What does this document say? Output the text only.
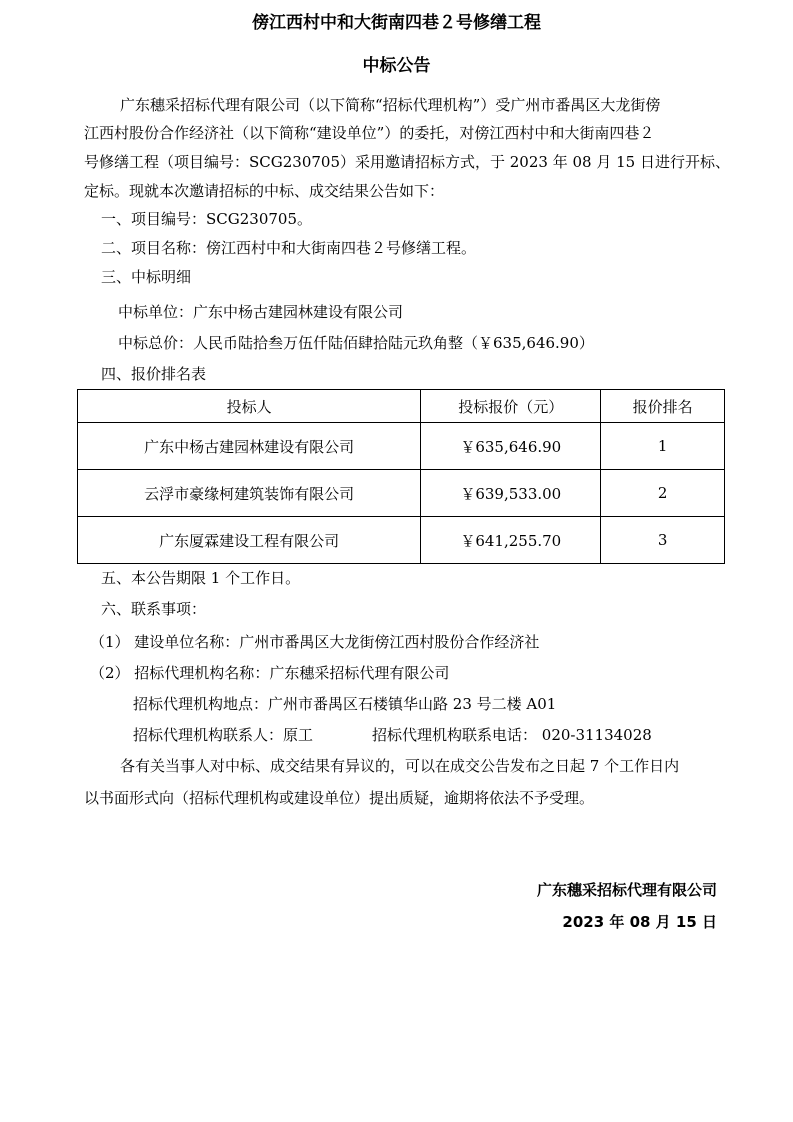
傍江西村中和大街南四巷２号修缮工程
中标公告
广东穗采招标代理有限公司（以下简称“招标代理机构”）受广州市番禺区大龙街傍
江西村股份合作经济社（以下简称“建设单位”）的委托，对傍江西村中和大街南四巷２
号修缮工程（项目编号：SCG230705）采用邀请招标方式，于 2023 年 08 月 15 日进行开标、
定标。现就本次邀请招标的中标、成交结果公告如下：
一、项目编号：SCG230705。
二、项目名称：傍江西村中和大街南四巷２号修缮工程。
三、中标明细
中标单位：广东中杨古建园林建设有限公司
中标总价：人民币陆拾叁万伍仟陆佰肆拾陆元玖角整（￥635,646.90）
四、报价排名表
投标人	投标报价（元）	报价排名
广东中杨古建园林建设有限公司	￥635,646.90	1
云浮市豪缘柯建筑装饰有限公司	￥639,533.00	2
广东厦霖建设工程有限公司	￥641,255.70	3
五、本公告期限 1 个工作日。
六、联系事项：
（1） 建设单位名称：广州市番禺区大龙街傍江西村股份合作经济社
（2） 招标代理机构名称：广东穗采招标代理有限公司
招标代理机构地点：广州市番禺区石楼镇华山路 23 号二楼 A01
招标代理机构联系人：原工	招标代理机构联系电话： 020-31134028
各有关当事人对中标、成交结果有异议的，可以在成交公告发布之日起 7 个工作日内
以书面形式向（招标代理机构或建设单位）提出质疑，逾期将依法不予受理。
广东穗采招标代理有限公司
2023 年 08 月 15 日
